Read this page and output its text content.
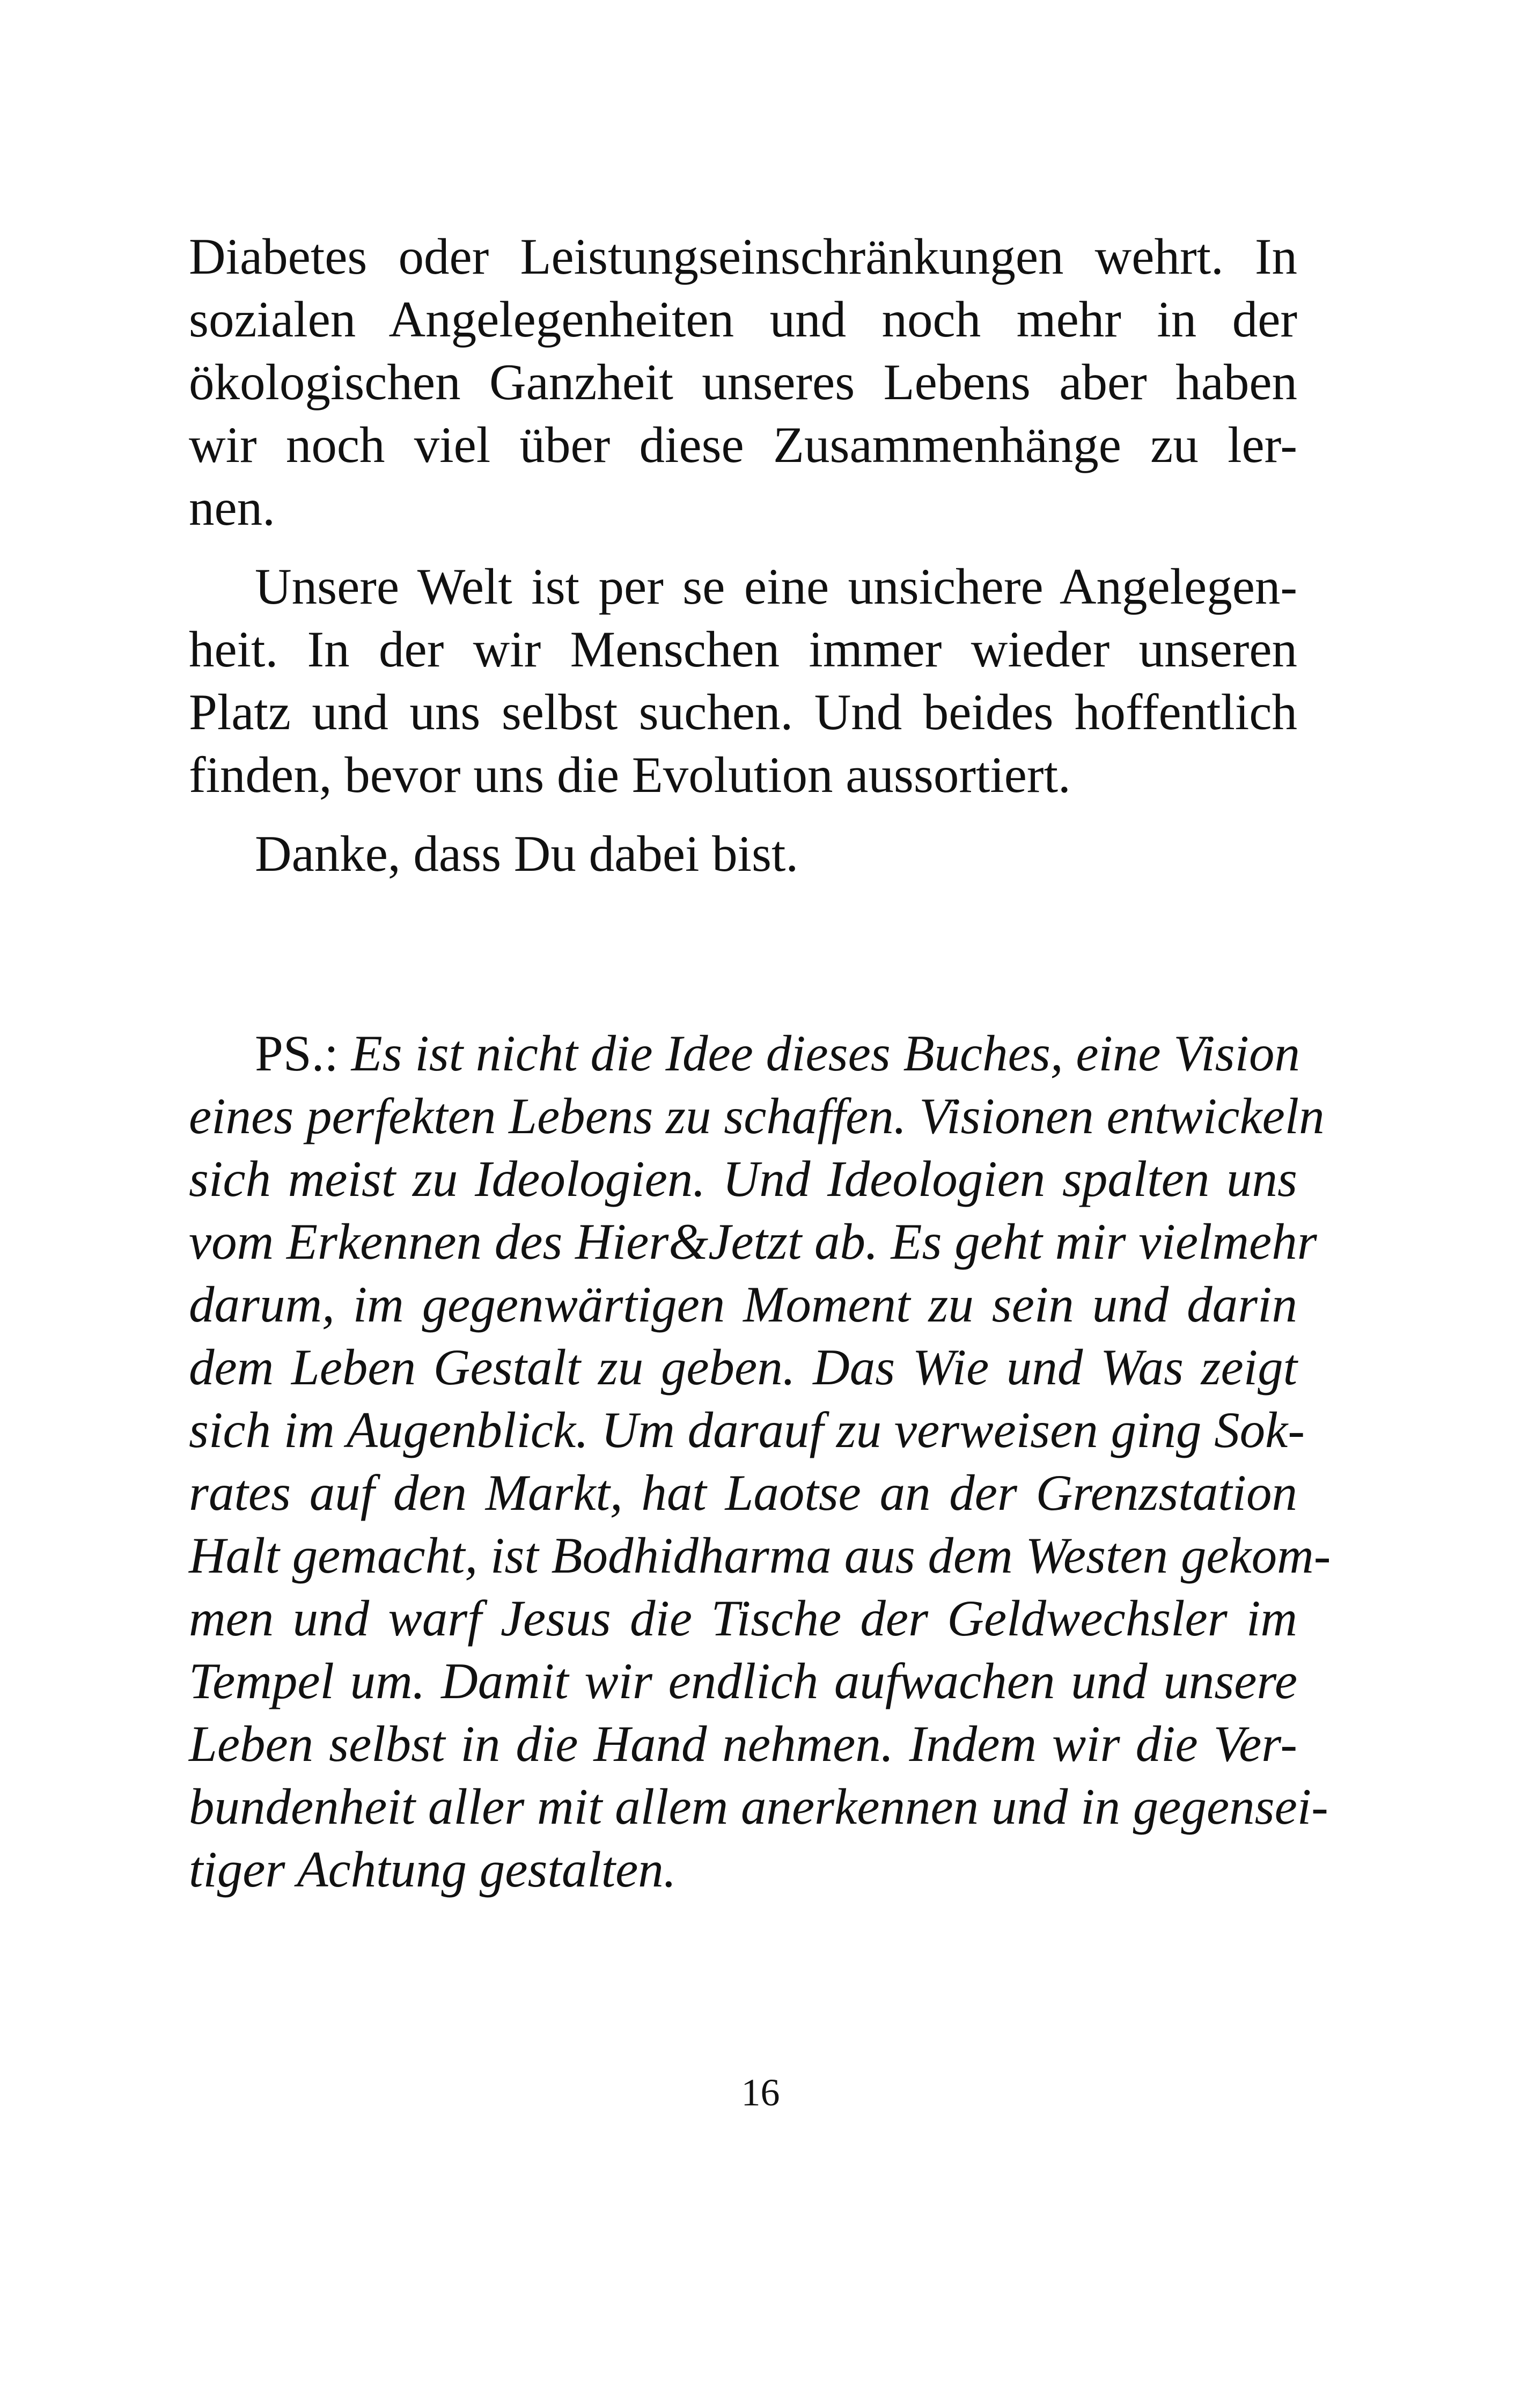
Diabetes oder Leistungseinschränkungen wehrt. In
sozialen Angelegenheiten und noch mehr in der
ökologischen Ganzheit unseres Lebens aber haben
wir noch viel über diese Zusammenhänge zu ler-
nen.
Unsere Welt ist per se eine unsichere Angelegen-
heit. In der wir Menschen immer wieder unseren
Platz und uns selbst suchen. Und beides hoffentlich
finden, bevor uns die Evolution aussortiert.
Danke, dass Du dabei bist.
PS.: Es ist nicht die Idee dieses Buches, eine Vision
eines perfekten Lebens zu schaffen. Visionen entwickeln
sich meist zu Ideologien. Und Ideologien spalten uns
vom Erkennen des Hier&Jetzt ab. Es geht mir vielmehr
darum, im gegenwärtigen Moment zu sein und darin
dem Leben Gestalt zu geben. Das Wie und Was zeigt
sich im Augenblick. Um darauf zu verweisen ging Sok-
rates auf den Markt, hat Laotse an der Grenzstation
Halt gemacht, ist Bodhidharma aus dem Westen gekom-
men und warf Jesus die Tische der Geldwechsler im
Tempel um. Damit wir endlich aufwachen und unsere
Leben selbst in die Hand nehmen. Indem wir die Ver-
bundenheit aller mit allem anerkennen und in gegensei-
tiger Achtung gestalten.
16
